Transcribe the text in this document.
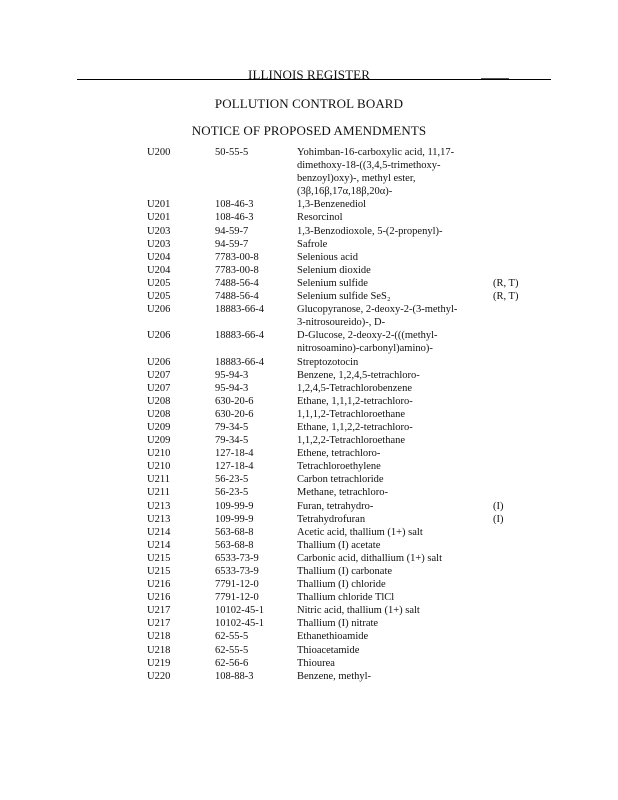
ILLINOIS REGISTER
POLLUTION CONTROL BOARD
NOTICE OF PROPOSED AMENDMENTS
U200	50-55-5	Yohimban-16-carboxylic acid, 11,17-
dimethoxy-18-((3,4,5-trimethoxy-
benzoyl)oxy)-, methyl ester,
(3β,16β,17α,18β,20α)-
U201	108-46-3	1,3-Benzenediol
U201	108-46-3	Resorcinol
U203	94-59-7	1,3-Benzodioxole, 5-(2-propenyl)-
U203	94-59-7	Safrole
U204	7783-00-8	Selenious acid
U204	7783-00-8	Selenium dioxide
U205	7488-56-4	Selenium sulfide	(R, T)
U205	7488-56-4	Selenium sulfide SeS₂	(R, T)
U206	18883-66-4	Glucopyranose, 2-deoxy-2-(3-methyl-
3-nitrosoureido)-, D-
U206	18883-66-4	D-Glucose, 2-deoxy-2-(((methyl-
nitrosoamino)-carbonyl)amino)-
U206	18883-66-4	Streptozotocin
U207	95-94-3	Benzene, 1,2,4,5-tetrachloro-
U207	95-94-3	1,2,4,5-Tetrachlorobenzene
U208	630-20-6	Ethane, 1,1,1,2-tetrachloro-
U208	630-20-6	1,1,1,2-Tetrachloroethane
U209	79-34-5	Ethane, 1,1,2,2-tetrachloro-
U209	79-34-5	1,1,2,2-Tetrachloroethane
U210	127-18-4	Ethene, tetrachloro-
U210	127-18-4	Tetrachloroethylene
U211	56-23-5	Carbon tetrachloride
U211	56-23-5	Methane, tetrachloro-
U213	109-99-9	Furan, tetrahydro-	(I)
U213	109-99-9	Tetrahydrofuran	(I)
U214	563-68-8	Acetic acid, thallium (1+) salt
U214	563-68-8	Thallium (I) acetate
U215	6533-73-9	Carbonic acid, dithallium (1+) salt
U215	6533-73-9	Thallium (I) carbonate
U216	7791-12-0	Thallium (I) chloride
U216	7791-12-0	Thallium chloride TlCl
U217	10102-45-1	Nitric acid, thallium (1+) salt
U217	10102-45-1	Thallium (I) nitrate
U218	62-55-5	Ethanethioamide
U218	62-55-5	Thioacetamide
U219	62-56-6	Thiourea
U220	108-88-3	Benzene, methyl-
